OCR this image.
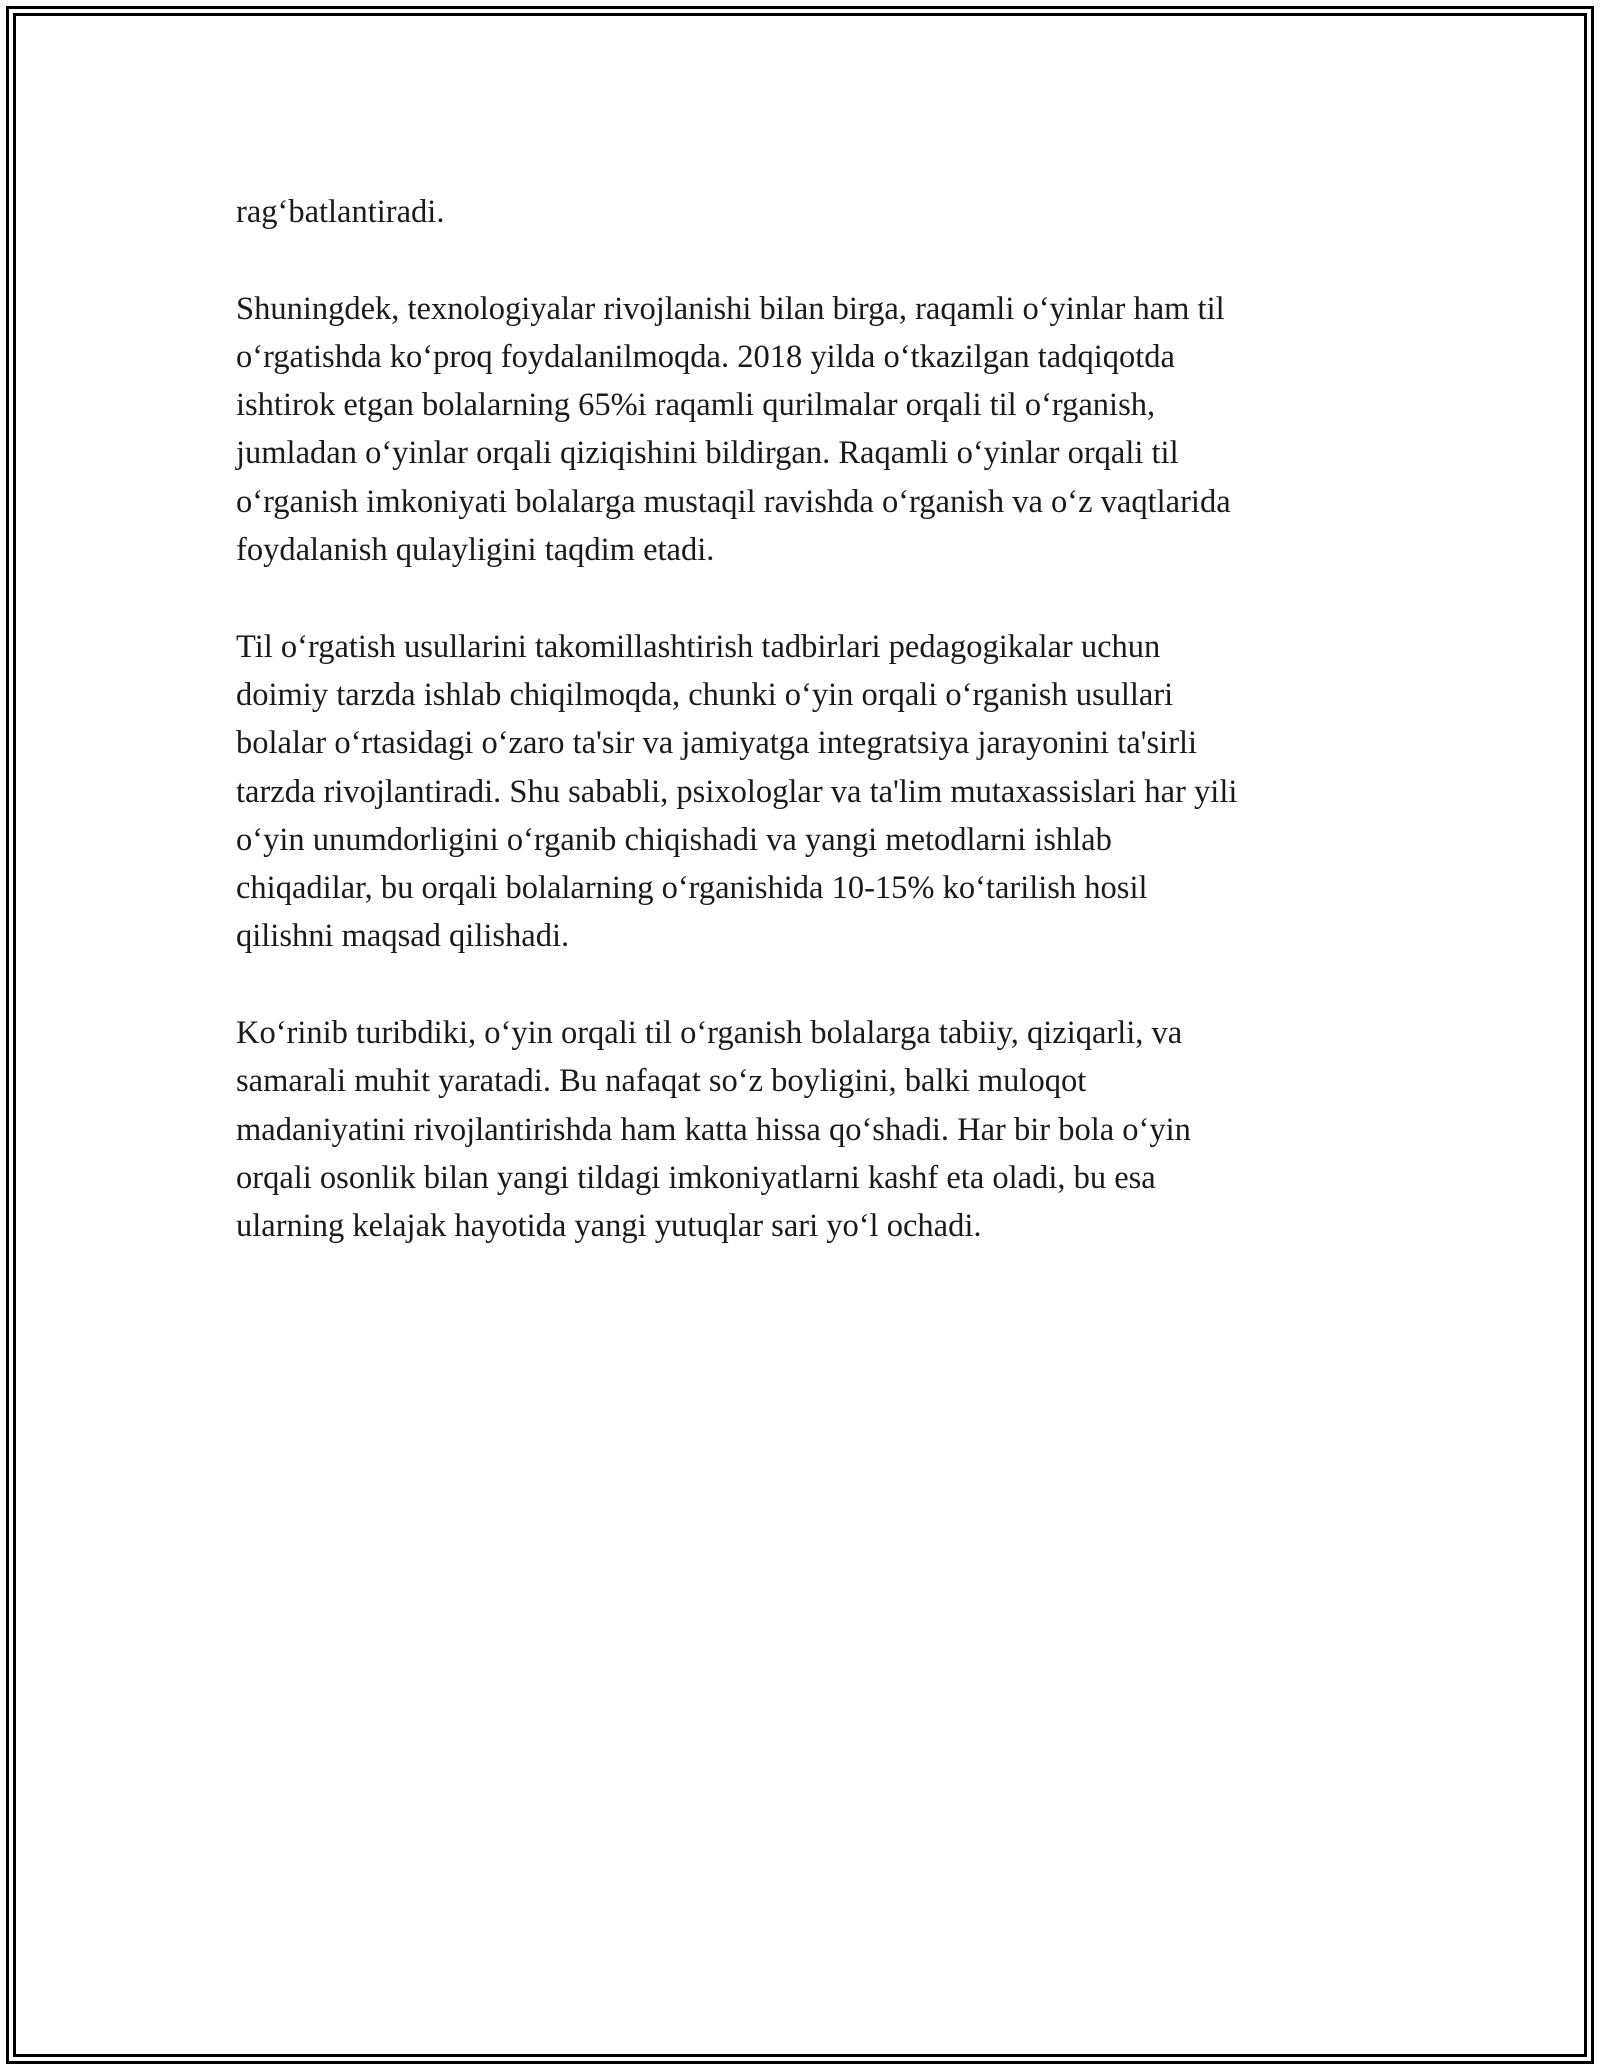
rag‘batlantiradi.

Shuningdek, texnologiyalar rivojlanishi bilan birga, raqamli o‘yinlar ham til
o‘rgatishda ko‘proq foydalanilmoqda. 2018 yilda o‘tkazilgan tadqiqotda
ishtirok etgan bolalarning 65%i raqamli qurilmalar orqali til o‘rganish,
jumladan o‘yinlar orqali qiziqishini bildirgan. Raqamli o‘yinlar orqali til
o‘rganish imkoniyati bolalarga mustaqil ravishda o‘rganish va o‘z vaqtlarida
foydalanish qulayligini taqdim etadi.

Til o‘rgatish usullarini takomillashtirish tadbirlari pedagogikalar uchun
doimiy tarzda ishlab chiqilmoqda, chunki o‘yin orqali o‘rganish usullari
bolalar o‘rtasidagi o‘zaro ta'sir va jamiyatga integratsiya jarayonini ta'sirli
tarzda rivojlantiradi. Shu sababli, psixologlar va ta'lim mutaxassislari har yili
o‘yin unumdorligini o‘rganib chiqishadi va yangi metodlarni ishlab
chiqadilar, bu orqali bolalarning o‘rganishida 10-15% ko‘tarilish hosil
qilishni maqsad qilishadi.

Ko‘rinib turibdiki, o‘yin orqali til o‘rganish bolalarga tabiiy, qiziqarli, va
samarali muhit yaratadi. Bu nafaqat so‘z boyligini, balki muloqot
madaniyatini rivojlantirishda ham katta hissa qo‘shadi. Har bir bola o‘yin
orqali osonlik bilan yangi tildagi imkoniyatlarni kashf eta oladi, bu esa
ularning kelajak hayotida yangi yutuqlar sari yo‘l ochadi.
